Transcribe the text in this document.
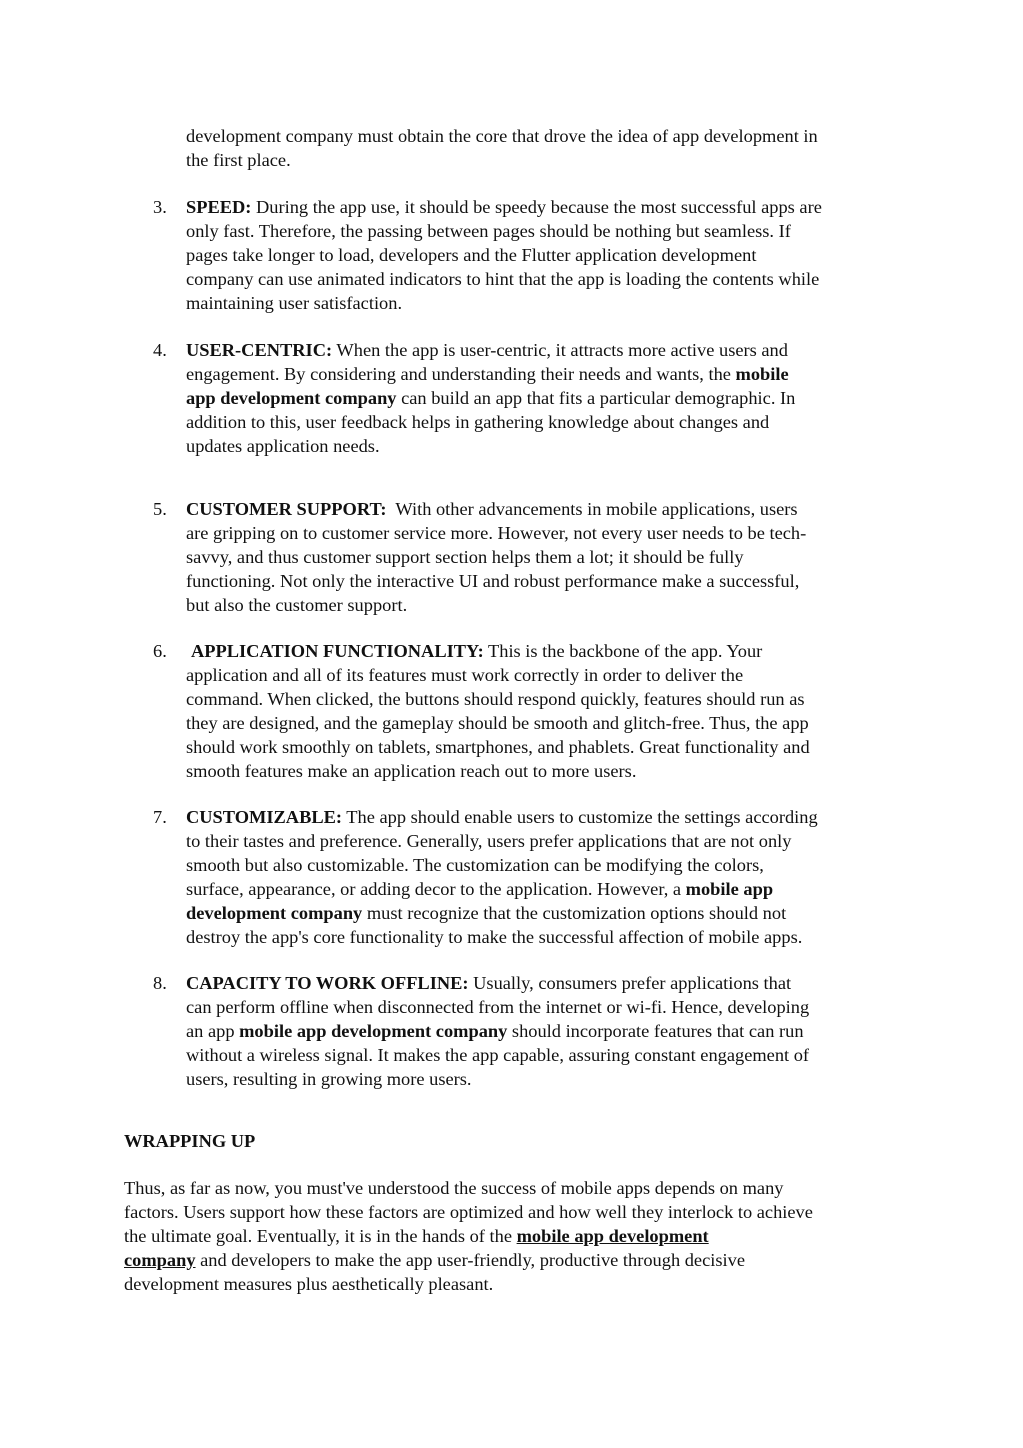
development company must obtain the core that drove the idea of app development in
the first place.
3. SPEED: During the app use, it should be speedy because the most successful apps are
only fast. Therefore, the passing between pages should be nothing but seamless. If
pages take longer to load, developers and the Flutter application development
company can use animated indicators to hint that the app is loading the contents while
maintaining user satisfaction.
4. USER-CENTRIC: When the app is user-centric, it attracts more active users and
engagement. By considering and understanding their needs and wants, the mobile
app development company can build an app that fits a particular demographic. In
addition to this, user feedback helps in gathering knowledge about changes and
updates application needs.
5. CUSTOMER SUPPORT:  With other advancements in mobile applications, users
are gripping on to customer service more. However, not every user needs to be tech-
savvy, and thus customer support section helps them a lot; it should be fully
functioning. Not only the interactive UI and robust performance make a successful,
but also the customer support.
6. APPLICATION FUNCTIONALITY: This is the backbone of the app. Your
application and all of its features must work correctly in order to deliver the
command. When clicked, the buttons should respond quickly, features should run as
they are designed, and the gameplay should be smooth and glitch-free. Thus, the app
should work smoothly on tablets, smartphones, and phablets. Great functionality and
smooth features make an application reach out to more users.
7. CUSTOMIZABLE: The app should enable users to customize the settings according
to their tastes and preference. Generally, users prefer applications that are not only
smooth but also customizable. The customization can be modifying the colors,
surface, appearance, or adding decor to the application. However, a mobile app
development company must recognize that the customization options should not
destroy the app's core functionality to make the successful affection of mobile apps.
8. CAPACITY TO WORK OFFLINE: Usually, consumers prefer applications that
can perform offline when disconnected from the internet or wi-fi. Hence, developing
an app mobile app development company should incorporate features that can run
without a wireless signal. It makes the app capable, assuring constant engagement of
users, resulting in growing more users.
WRAPPING UP
Thus, as far as now, you must've understood the success of mobile apps depends on many
factors. Users support how these factors are optimized and how well they interlock to achieve
the ultimate goal. Eventually, it is in the hands of the mobile app development
company and developers to make the app user-friendly, productive through decisive
development measures plus aesthetically pleasant.
